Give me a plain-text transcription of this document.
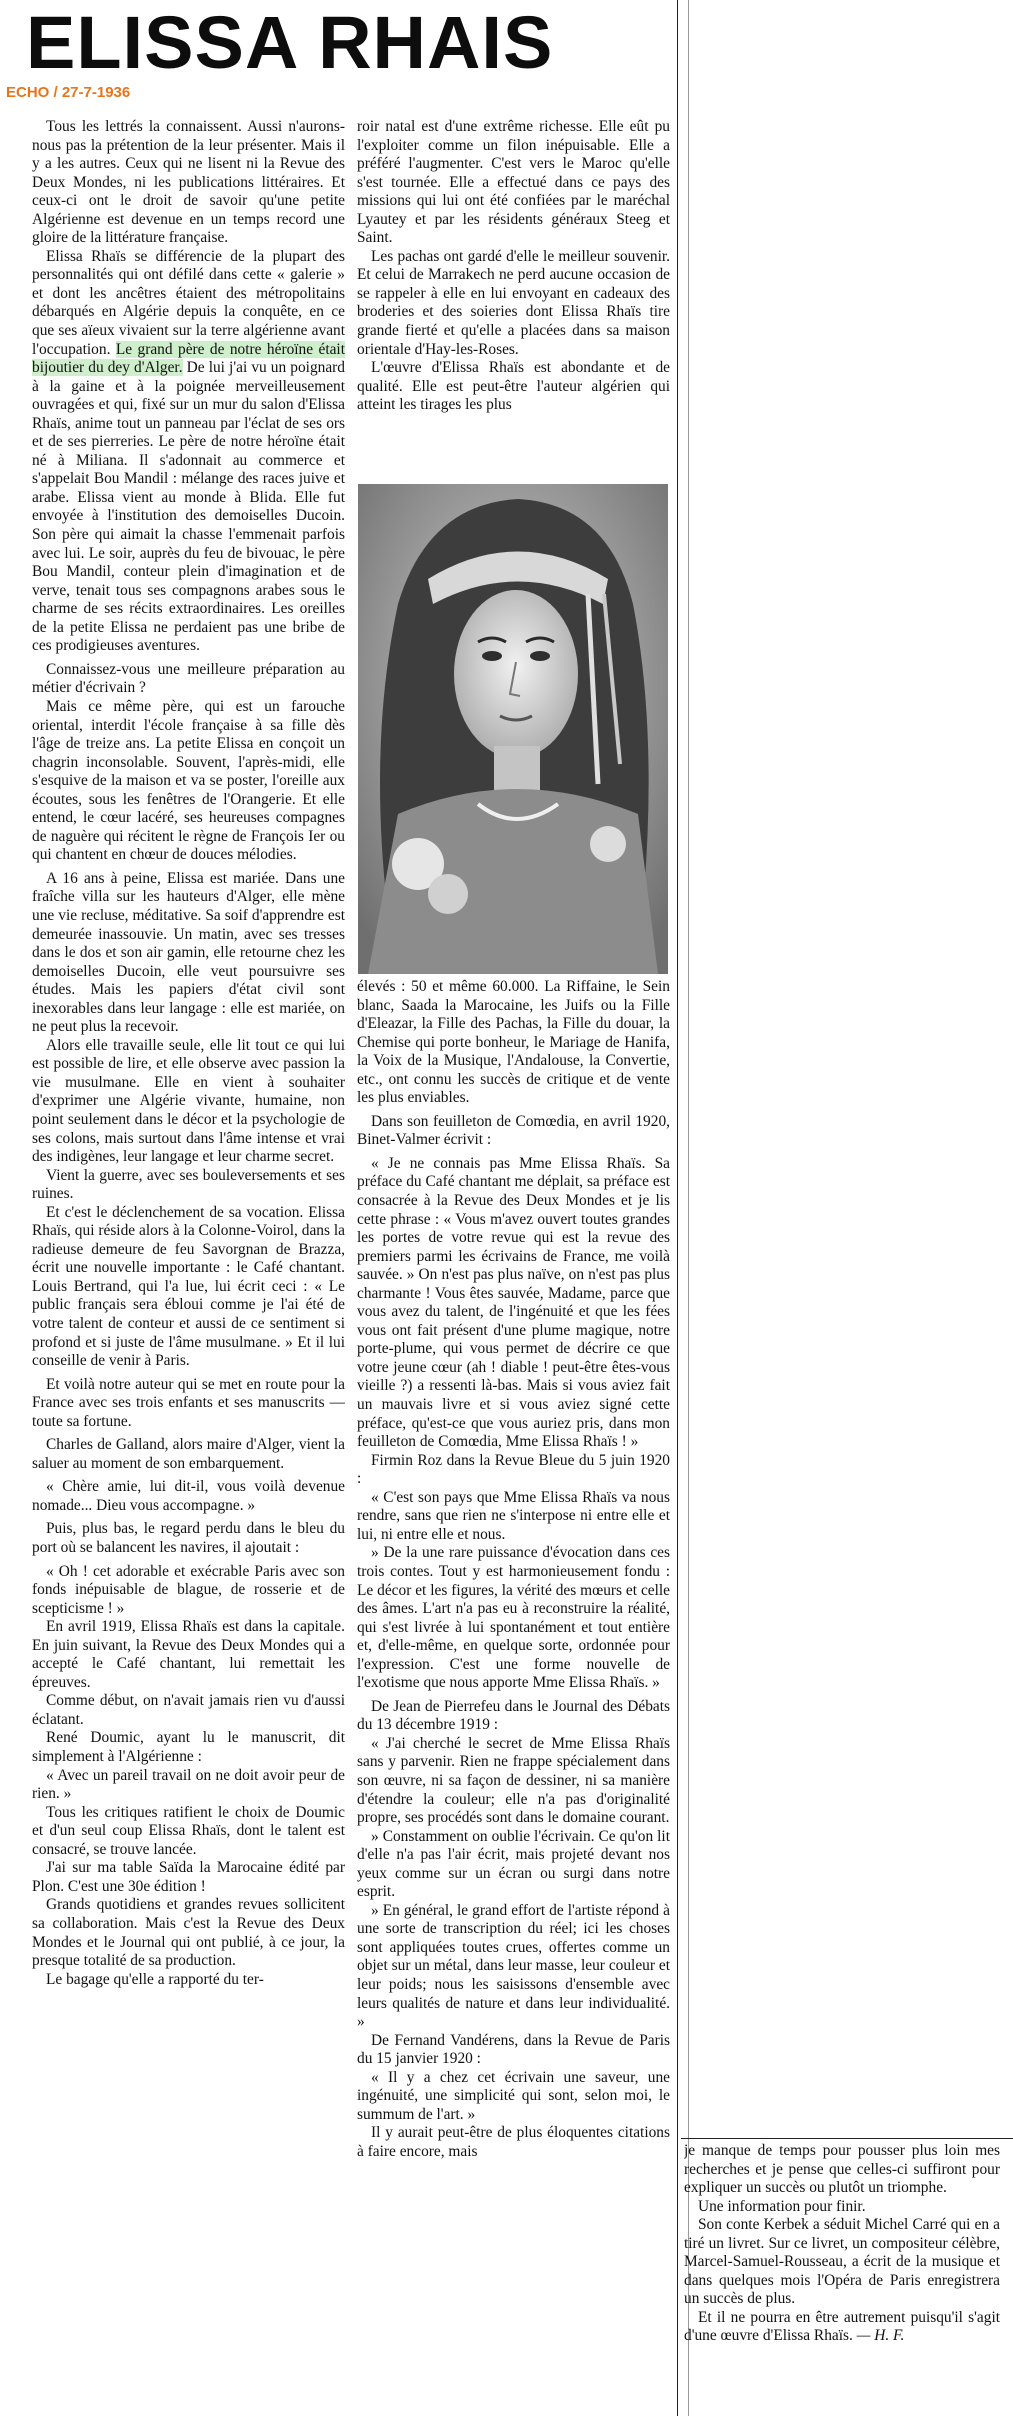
ELISSA RHAIS
ECHO / 27-7-1936

Tous les lettrés la connaissent. Aussi n'aurons-nous pas la prétention de la leur présenter. Mais il y a les autres. Ceux qui ne lisent ni la Revue des Deux Mondes, ni les publications littéraires. Et ceux-ci ont le droit de savoir qu'une petite Algérienne est devenue en un temps record une gloire de la littérature française.

Elissa Rhaïs se différencie de la plupart des personnalités qui ont défilé dans cette « galerie » et dont les ancêtres étaient des métropolitains débarqués en Algérie depuis la conquête, en ce que ses aïeux vivaient sur la terre algérienne avant l'occupation. Le grand père de notre héroïne était bijoutier du dey d'Alger. De lui j'ai vu un poignard à la gaine et à la poignée merveilleusement ouvragées et qui, fixé sur un mur du salon d'Elissa Rhaïs, anime tout un panneau par l'éclat de ses ors et de ses pierreries. Le père de notre héroïne était né à Miliana. Il s'adonnait au commerce et s'appelait Bou Mandil : mélange des races juive et arabe. Elissa vient au monde à Blida. Elle fut envoyée à l'institution des demoiselles Ducoin. Son père qui aimait la chasse l'emmenait parfois avec lui. Le soir, auprès du feu de bivouac, le père Bou Mandil, conteur plein d'imagination et de verve, tenait tous ses compagnons arabes sous le charme de ses récits extraordinaires. Les oreilles de la petite Elissa ne perdaient pas une bribe de ces prodigieuses aventures.

Connaissez-vous une meilleure préparation au métier d'écrivain ?

Mais ce même père, qui est un farouche oriental, interdit l'école française à sa fille dès l'âge de treize ans. La petite Elissa en conçoit un chagrin inconsolable. Souvent, l'après-midi, elle s'esquive de la maison et va se poster, l'oreille aux écoutes, sous les fenêtres de l'Orangerie. Et elle entend, le cœur lacéré, ses heureuses compagnes de naguère qui récitent le règne de François Ier ou qui chantent en chœur de douces mélodies.

A 16 ans à peine, Elissa est mariée. Dans une fraîche villa sur les hauteurs d'Alger, elle mène une vie recluse, méditative. Sa soif d'apprendre est demeurée inassouvie. Un matin, avec ses tresses dans le dos et son air gamin, elle retourne chez les demoiselles Ducoin, elle veut poursuivre ses études. Mais les papiers d'état civil sont inexorables dans leur langage : elle est mariée, on ne peut plus la recevoir.

Alors elle travaille seule, elle lit tout ce qui lui est possible de lire, et elle observe avec passion la vie musulmane. Elle en vient à souhaiter d'exprimer une Algérie vivante, humaine, non point seulement dans le décor et la psychologie de ses colons, mais surtout dans l'âme intense et vrai des indigènes, leur langage et leur charme secret.

Vient la guerre, avec ses bouleversements et ses ruines.

Et c'est le déclenchement de sa vocation. Elissa Rhaïs, qui réside alors à la Colonne-Voirol, dans la radieuse demeure de feu Savorgnan de Brazza, écrit une nouvelle importante : le Café chantant. Louis Bertrand, qui l'a lue, lui écrit ceci : « Le public français sera ébloui comme je l'ai été de votre talent de conteur et aussi de ce sentiment si profond et si juste de l'âme musulmane. » Et il lui conseille de venir à Paris.

Et voilà notre auteur qui se met en route pour la France avec ses trois enfants et ses manuscrits — toute sa fortune.

Charles de Galland, alors maire d'Alger, vient la saluer au moment de son embarquement.

« Chère amie, lui dit-il, vous voilà devenue nomade... Dieu vous accompagne. »

Puis, plus bas, le regard perdu dans le bleu du port où se balancent les navires, il ajoutait :

« Oh ! cet adorable et exécrable Paris avec son fonds inépuisable de blague, de rosserie et de scepticisme ! »

En avril 1919, Elissa Rhaïs est dans la capitale. En juin suivant, la Revue des Deux Mondes qui a accepté le Café chantant, lui remettait les épreuves.

Comme début, on n'avait jamais rien vu d'aussi éclatant.

René Doumic, ayant lu le manuscrit, dit simplement à l'Algérienne :

« Avec un pareil travail on ne doit avoir peur de rien. »

Tous les critiques ratifient le choix de Doumic et d'un seul coup Elissa Rhaïs, dont le talent est consacré, se trouve lancée.

J'ai sur ma table Saïda la Marocaine édité par Plon. C'est une 30e édition !

Grands quotidiens et grandes revues sollicitent sa collaboration. Mais c'est la Revue des Deux Mondes et le Journal qui ont publié, à ce jour, la presque totalité de sa production.

Le bagage qu'elle a rapporté du ter-

roir natal est d'une extrême richesse. Elle eût pu l'exploiter comme un filon inépuisable. Elle a préféré l'augmenter. C'est vers le Maroc qu'elle s'est tournée. Elle a effectué dans ce pays des missions qui lui ont été confiées par le maréchal Lyautey et par les résidents généraux Steeg et Saint.

Les pachas ont gardé d'elle le meilleur souvenir. Et celui de Marrakech ne perd aucune occasion de se rappeler à elle en lui envoyant en cadeaux des broderies et des soieries dont Elissa Rhaïs tire grande fierté et qu'elle a placées dans sa maison orientale d'Hay-les-Roses.

L'œuvre d'Elissa Rhaïs est abondante et de qualité. Elle est peut-être l'auteur algérien qui atteint les tirages les plus

élevés : 50 et même 60.000. La Riffaine, le Sein blanc, Saada la Marocaine, les Juifs ou la Fille d'Eleazar, la Fille des Pachas, la Fille du douar, la Chemise qui porte bonheur, le Mariage de Hanifa, la Voix de la Musique, l'Andalouse, la Convertie, etc., ont connu les succès de critique et de vente les plus enviables.

Dans son feuilleton de Comœdia, en avril 1920, Binet-Valmer écrivit :

« Je ne connais pas Mme Elissa Rhaïs. Sa préface du Café chantant me déplait, sa préface est consacrée à la Revue des Deux Mondes et je lis cette phrase : « Vous m'avez ouvert toutes grandes les portes de votre revue qui est la revue des premiers parmi les écrivains de France, me voilà sauvée. » On n'est pas plus naïve, on n'est pas plus charmante ! Vous êtes sauvée, Madame, parce que vous avez du talent, de l'ingénuité et que les fées vous ont fait présent d'une plume magique, notre porte-plume, qui vous permet de décrire ce que votre jeune cœur (ah ! diable ! peut-être êtes-vous vieille ?) a ressenti là-bas. Mais si vous aviez fait un mauvais livre et si vous aviez signé cette préface, qu'est-ce que vous auriez pris, dans mon feuilleton de Comœdia, Mme Elissa Rhaïs ! »

Firmin Roz dans la Revue Bleue du 5 juin 1920 :

« C'est son pays que Mme Elissa Rhaïs va nous rendre, sans que rien ne s'interpose ni entre elle et lui, ni entre elle et nous.

» De la une rare puissance d'évocation dans ces trois contes. Tout y est harmonieusement fondu : Le décor et les figures, la vérité des mœurs et celle des âmes. L'art n'a pas eu à reconstruire la réalité, qui s'est livrée à lui spontanément et tout entière et, d'elle-même, en quelque sorte, ordonnée pour l'expression. C'est une forme nouvelle de l'exotisme que nous apporte Mme Elissa Rhaïs. »

De Jean de Pierrefeu dans le Journal des Débats du 13 décembre 1919 :

« J'ai cherché le secret de Mme Elissa Rhaïs sans y parvenir. Rien ne frappe spécialement dans son œuvre, ni sa façon de dessiner, ni sa manière d'étendre la couleur; elle n'a pas d'originalité propre, ses procédés sont dans le domaine courant.

» Constamment on oublie l'écrivain. Ce qu'on lit d'elle n'a pas l'air écrit, mais projeté devant nos yeux comme sur un écran ou surgi dans notre esprit.

» En général, le grand effort de l'artiste répond à une sorte de transcription du réel; ici les choses sont appliquées toutes crues, offertes comme un objet sur un métal, dans leur masse, leur couleur et leur poids; nous les saisissons d'ensemble avec leurs qualités de nature et dans leur individualité. »

De Fernand Vandérens, dans la Revue de Paris du 15 janvier 1920 :

« Il y a chez cet écrivain une saveur, une ingénuité, une simplicité qui sont, selon moi, le summum de l'art. »

Il y aurait peut-être de plus éloquentes citations à faire encore, mais	je manque de temps pour pousser plus loin mes recherches et je pense que celles-ci suffiront pour expliquer un succès ou plutôt un triomphe.

Une information pour finir.

Son conte Kerbek a séduit Michel Carré qui en a tiré un livret. Sur ce livret, un compositeur célèbre, Marcel-Samuel-Rousseau, a écrit de la musique et dans quelques mois l'Opéra de Paris enregistrera un succès de plus.

Et il ne pourra en être autrement puisqu'il s'agit d'une œuvre d'Elissa Rhaïs. — H. F.
